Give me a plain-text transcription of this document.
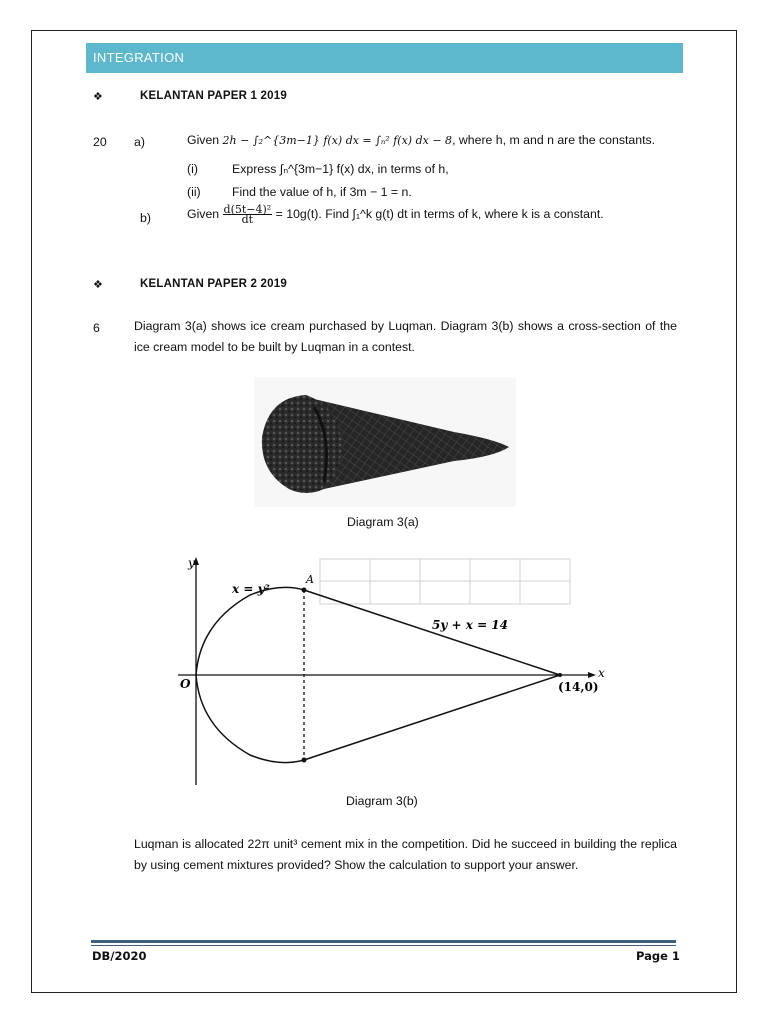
INTEGRATION
❖	KELANTAN PAPER 1 2019
20 a)	Given 2h − ∫₂^{3m−1} f(x) dx = ∫ₙ² f(x) dx − 8, where h, m and n are the constants.
(i)	Express ∫ₙ^{3m−1} f(x) dx, in terms of h,
(ii)	Find the value of h, if 3m − 1 = n.
b)	Given $\frac{\text{d(5t−4)²}}{dt} = 10g(t)$. Find ∫₁^k g(t) dt in terms of k, where k is a constant.
❖	KELANTAN PAPER 2 2019
6	Diagram 3(a) shows ice cream purchased by Luqman. Diagram 3(b) shows a cross-section of the ice cream model to be built by Luqman in a contest.
Diagram 3(a)
y
x
O
x = y²
A
5y + x = 14
(14,0)
Diagram 3(b)
Luqman is allocated 22π unit³ cement mix in the competition. Did he succeed in building the replica by using cement mixtures provided? Show the calculation to support your answer.
DB/2020	Page 1
